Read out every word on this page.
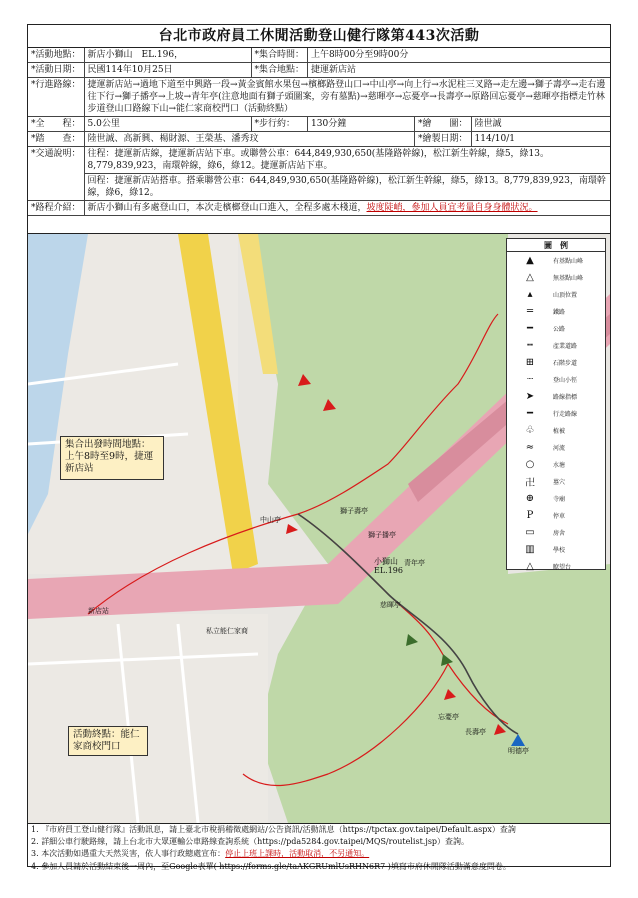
台北市政府員工休閒活動登山健行隊第443次活動
*活動地點：	新店小獅山　EL.196，	*集合時間：	上午8時00分至9時00分		
*活動日期：	民國114年10月25日	*集合地點：	捷運新店站		
*行進路線：	捷運新店站→過地下道至中興路一段→黃金賓館水果包→檳榔路登山口→中山亭→向上行→水泥柱三叉路→走左邊→獅子壽亭→走右邊往下行→獅子播亭→上坡→青年亭(注意地面有獅子頭圖案，旁有墓點)→慈暉亭→忘憂亭→長壽亭→原路回忘憂亭→慈暉亭指標走竹林步道登山口路線下山→能仁家商校門口（活動終點）				
*全　　程：	5.0公里	*步行約：	130分鐘	*繪　　圖：	陸世誠
*踏　　查：	陸世誠、高新興、楊財源、王榮基、潘秀玟			*繪製日期：	114/10/1
*交通說明：	往程：捷運新店線，捷運新店站下車。或聯營公車：644,849,930,650(基隆路幹線)，松江新生幹線，綠5，綠13。8,779,839,923，南環幹線，綠6，綠12。捷運新店站下車。				
	回程：捷運新店站搭車。搭乘聯營公車：644,849,930,650(基隆路幹線)，松江新生幹線，綠5，綠13。8,779,839,923，南環幹線，綠6，綠12。				
*路程介紹：	新店小獅山有多處登山口，本次走檳榔登山口進入，全程多處木棧道，坡度陡峭，參加人員宜考量自身身體狀況。				
小獅山
EL.196
中山亭
獅子壽亭
獅子播亭
青年亭
慈暉亭
忘憂亭
長壽亭
明德亭
私立能仁家商
新店站
集合出發時間地點：上午8時至9時，捷運新店站
活動終點：能仁家商校門口
圖　例
▲	有基點山峰
△	無基點山峰
▴	山頂位置
═	鐵路
━	公路
┅	產業道路
⊞	石階步道
┈	登山小徑
➤	路線指標
━	行走路線
♧	植被
≈	河流
○	水塘
卍	墓穴
⊕	寺廟
P	停車
▭	房舍
▥	學校
△	瞭望台
1. 『市府員工登山健行隊』活動訊息，請上臺北市稅捐稽徵處網站/公告資訊/活動訊息（https://tpctax.gov.taipei/Default.aspx）查詢
2. 詳細公車行駛路線，請上台北市大眾運輸公車路線查詢系統（https://pda5284.gov.taipei/MQS/routelist.jsp）查詢。
3. 本次活動如遇重大天然災害，依人事行政總處宣布：停止上班上課時，活動取消，不另通知。
4. 參加人員請於活動結束後一周內，至Google表單( https://forms.gle/taAKGRUmlUsRHN6R7 )填寫市府休閒隊活動滿意度問卷。
